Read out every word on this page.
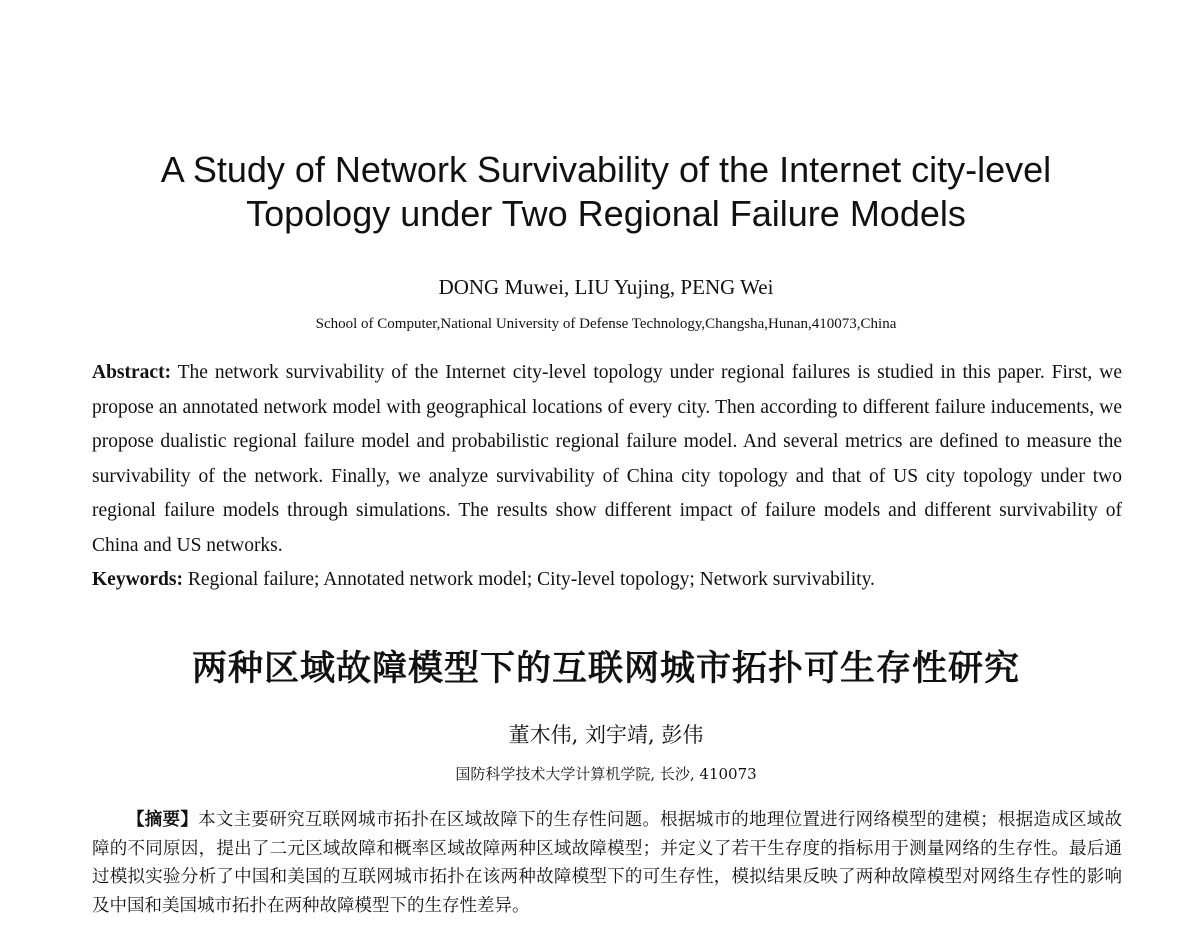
A Study of Network Survivability of the Internet city-level
Topology under Two Regional Failure Models
DONG Muwei, LIU Yujing, PENG Wei
School of Computer,National University of Defense Technology,Changsha,Hunan,410073,China

Abstract: The network survivability of the Internet city-level topology under regional failures is studied in this paper. First, we propose an annotated network model with geographical locations of every city. Then according to different failure inducements, we propose dualistic regional failure model and probabilistic regional failure model. And several metrics are defined to measure the survivability of the network. Finally, we analyze survivability of China city topology and that of US city topology under two regional failure models through simulations. The results show different impact of failure models and different survivability of China and US networks.

Keywords: Regional failure; Annotated network model; City-level topology; Network survivability.

两种区域故障模型下的互联网城市拓扑可生存性研究
董木伟, 刘宇靖, 彭伟
国防科学技术大学计算机学院, 长沙, 410073

【摘要】本文主要研究互联网城市拓扑在区域故障下的生存性问题。根据城市的地理位置进行网络模型的建模；根据造成区域故障的不同原因，提出了二元区域故障和概率区域故障两种区域故障模型；并定义了若干生存度的指标用于测量网络的生存性。最后通过模拟实验分析了中国和美国的互联网城市拓扑在该两种故障模型下的可生存性，模拟结果反映了两种故障模型对网络生存性的影响及中国和美国城市拓扑在两种故障模型下的生存性差异。
